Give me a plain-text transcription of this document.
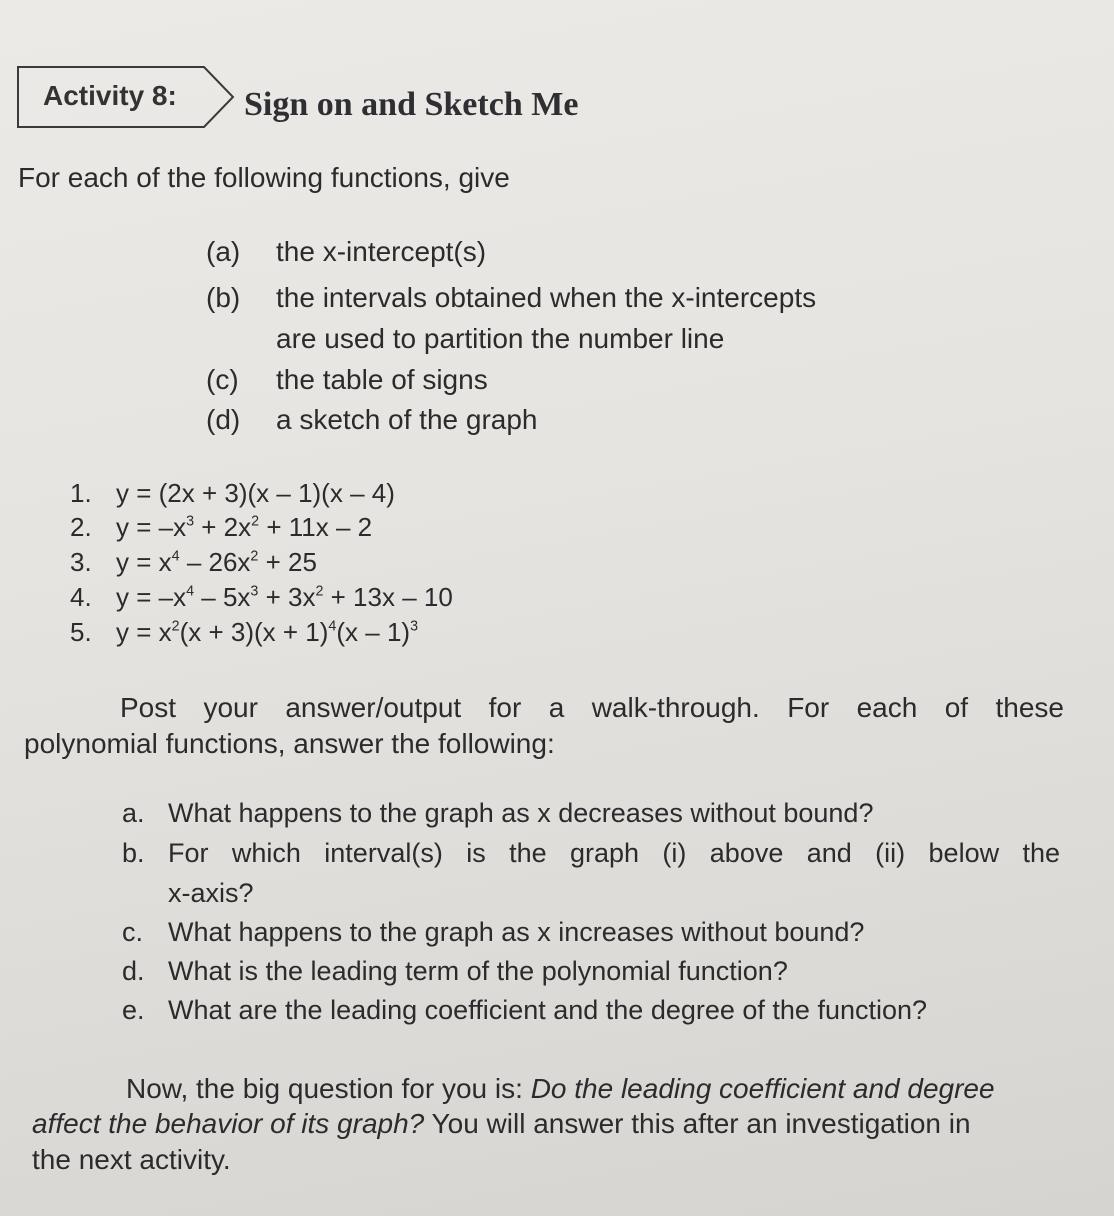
Activity 8: Sign on and Sketch Me
For each of the following functions, give
(a) the x-intercept(s)
(b) the intervals obtained when the x-intercepts
are used to partition the number line
(c) the table of signs
(d) a sketch of the graph
1. y = (2x + 3)(x – 1)(x – 4)
2. $y = -x^3 + 2x^2 + 11x - 2$
3. $y = x^4 - 26x^2 + 25$
4. $y = -x^4 - 5x^3 + 3x^2 + 13x - 10$
5. $y = x^2(x + 3)(x + 1)^4(x - 1)^3$
Post your answer/output for a walk-through. For each of these
polynomial functions, answer the following:
a. What happens to the graph as x decreases without bound?
b. For which interval(s) is the graph (i) above and (ii) below the
x-axis?
c. What happens to the graph as x increases without bound?
d. What is the leading term of the polynomial function?
e. What are the leading coefficient and the degree of the function?
Now, the big question for you is: Do the leading coefficient and degree
affect the behavior of its graph? You will answer this after an investigation in
the next activity.
